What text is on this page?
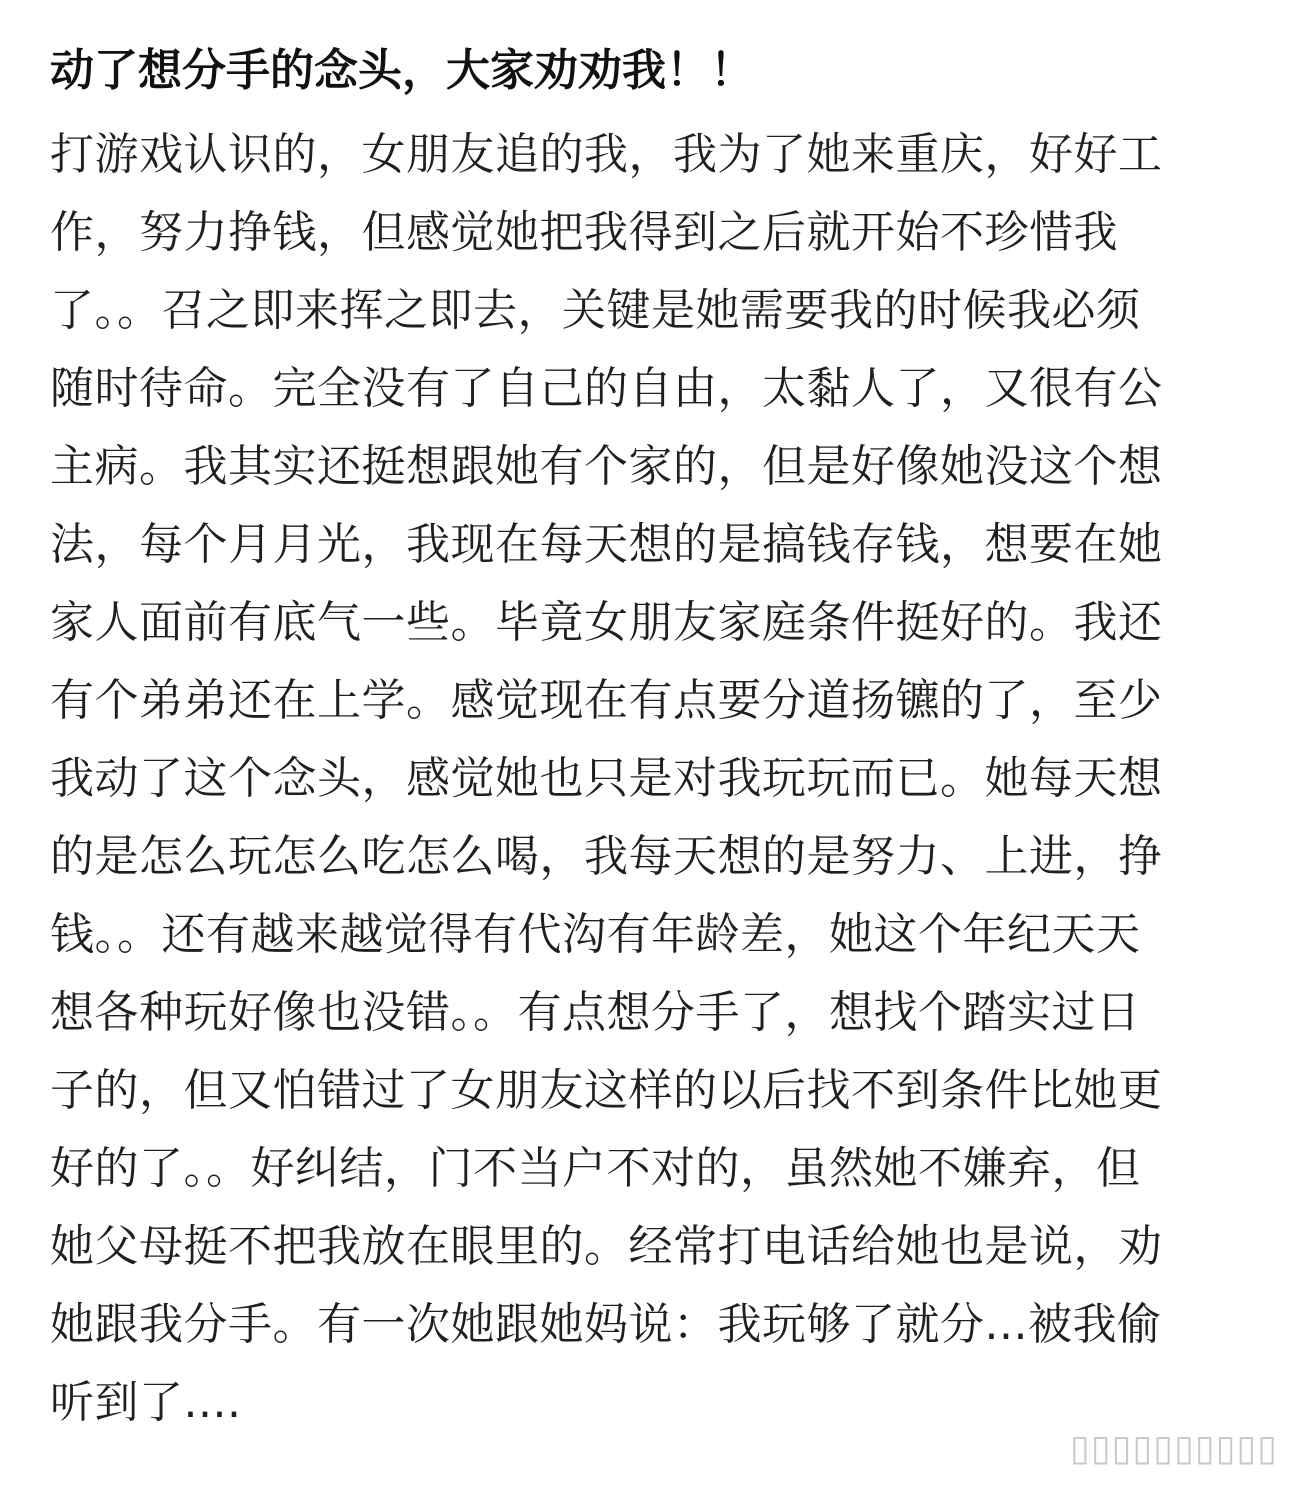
动了想分手的念头，大家劝劝我！！
打游戏认识的，女朋友追的我，我为了她来重庆，好好工
作，努力挣钱，但感觉她把我得到之后就开始不珍惜我
了。。召之即来挥之即去，关键是她需要我的时候我必须
随时待命。完全没有了自己的自由，太黏人了，又很有公
主病。我其实还挺想跟她有个家的，但是好像她没这个想
法，每个月月光，我现在每天想的是搞钱存钱，想要在她
家人面前有底气一些。毕竟女朋友家庭条件挺好的。我还
有个弟弟还在上学。感觉现在有点要分道扬镳的了，至少
我动了这个念头，感觉她也只是对我玩玩而已。她每天想
的是怎么玩怎么吃怎么喝，我每天想的是努力、上进，挣
钱。。还有越来越觉得有代沟有年龄差，她这个年纪天天
想各种玩好像也没错。。有点想分手了，想找个踏实过日
子的，但又怕错过了女朋友这样的以后找不到条件比她更
好的了。。好纠结，门不当户不对的，虽然她不嫌弃，但
她父母挺不把我放在眼里的。经常打电话给她也是说，劝
她跟我分手。有一次她跟她妈说：我玩够了就分...被我偷
听到了....
▯▯▯▯▯▯▯▯▯▯
